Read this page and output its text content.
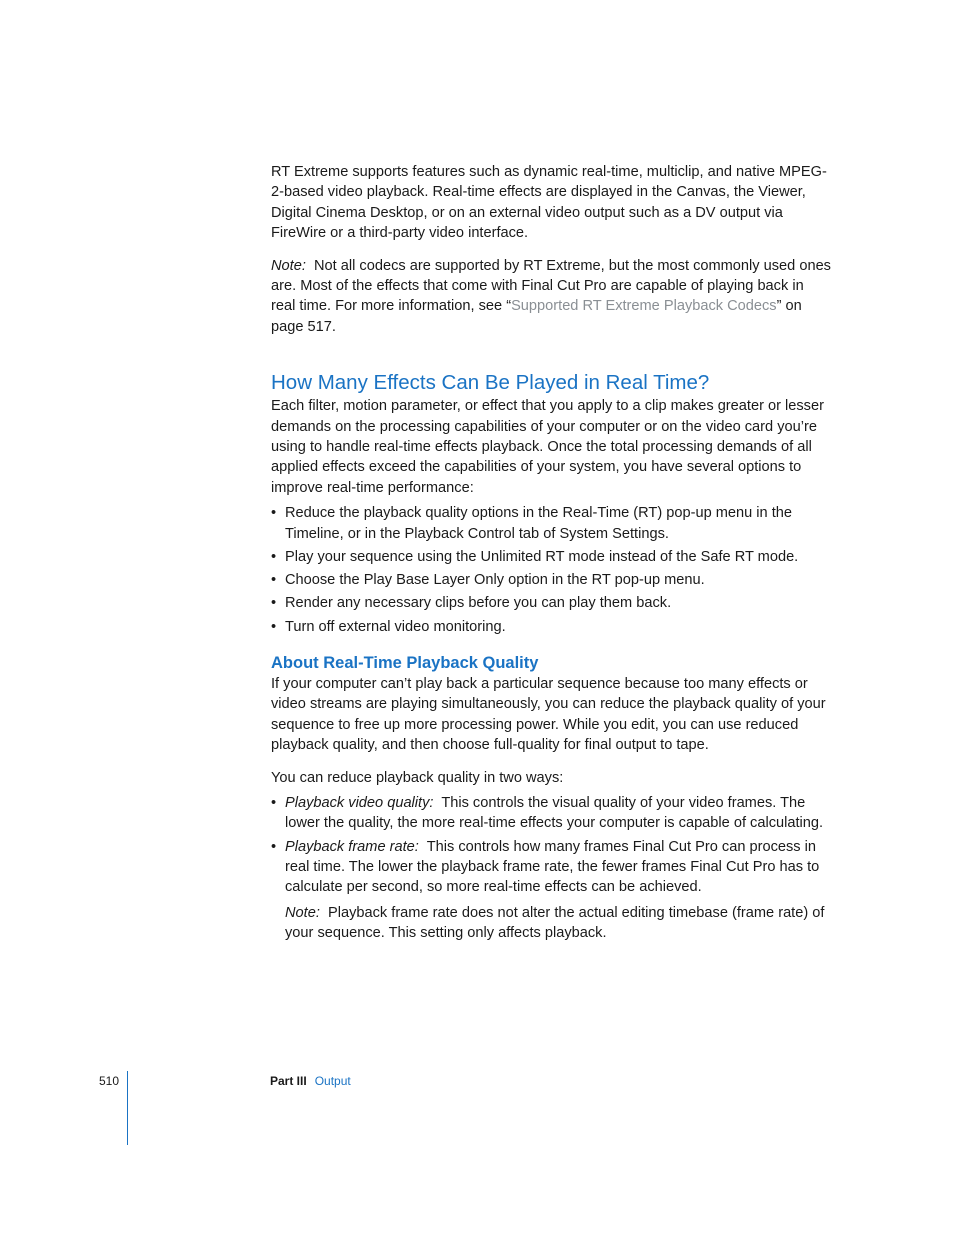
RT Extreme supports features such as dynamic real-time, multiclip, and native MPEG-2-based video playback. Real-time effects are displayed in the Canvas, the Viewer, Digital Cinema Desktop, or on an external video output such as a DV output via FireWire or a third-party video interface.

Note: Not all codecs are supported by RT Extreme, but the most commonly used ones are. Most of the effects that come with Final Cut Pro are capable of playing back in real time. For more information, see “Supported RT Extreme Playback Codecs” on page 517.

How Many Effects Can Be Played in Real Time?

Each filter, motion parameter, or effect that you apply to a clip makes greater or lesser demands on the processing capabilities of your computer or on the video card you’re using to handle real-time effects playback. Once the total processing demands of all applied effects exceed the capabilities of your system, you have several options to improve real-time performance:

• Reduce the playback quality options in the Real-Time (RT) pop-up menu in the Timeline, or in the Playback Control tab of System Settings.
• Play your sequence using the Unlimited RT mode instead of the Safe RT mode.
• Choose the Play Base Layer Only option in the RT pop-up menu.
• Render any necessary clips before you can play them back.
• Turn off external video monitoring.
About Real-Time Playback Quality

If your computer can’t play back a particular sequence because too many effects or video streams are playing simultaneously, you can reduce the playback quality of your sequence to free up more processing power. While you edit, you can use reduced playback quality, and then choose full-quality for final output to tape.

You can reduce playback quality in two ways:

• Playback video quality: This controls the visual quality of your video frames. The lower the quality, the more real-time effects your computer is capable of calculating.
• Playback frame rate: This controls how many frames Final Cut Pro can process in real time. The lower the playback frame rate, the fewer frames Final Cut Pro has to calculate per second, so more real-time effects can be achieved.

Note: Playback frame rate does not alter the actual editing timebase (frame rate) of your sequence. This setting only affects playback.

510	Part III Output
